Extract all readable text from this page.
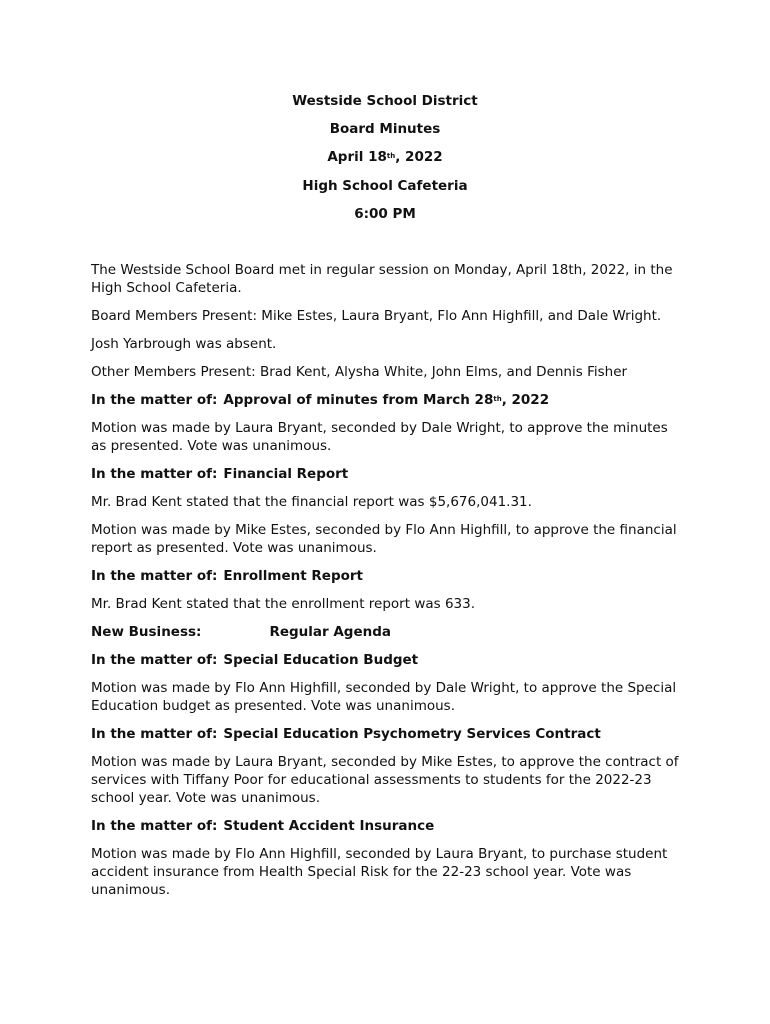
Westside School District
Board Minutes
April 18th, 2022
High School Cafeteria
6:00 PM

The Westside School Board met in regular session on Monday, April 18th, 2022, in the High School Cafeteria.

Board Members Present: Mike Estes, Laura Bryant, Flo Ann Highfill, and Dale Wright.

Josh Yarbrough was absent.

Other Members Present: Brad Kent, Alysha White, John Elms, and Dennis Fisher

In the matter of: Approval of minutes from March 28th, 2022

Motion was made by Laura Bryant, seconded by Dale Wright, to approve the minutes as presented. Vote was unanimous.

In the matter of: Financial Report

Mr. Brad Kent stated that the financial report was $5,676,041.31.

Motion was made by Mike Estes, seconded by Flo Ann Highfill, to approve the financial report as presented. Vote was unanimous.

In the matter of: Enrollment Report

Mr. Brad Kent stated that the enrollment report was 633.

New Business:	Regular Agenda

In the matter of: Special Education Budget

Motion was made by Flo Ann Highfill, seconded by Dale Wright, to approve the Special Education budget as presented. Vote was unanimous.

In the matter of: Special Education Psychometry Services Contract

Motion was made by Laura Bryant, seconded by Mike Estes, to approve the contract of services with Tiffany Poor for educational assessments to students for the 2022-23 school year. Vote was unanimous.

In the matter of: Student Accident Insurance

Motion was made by Flo Ann Highfill, seconded by Laura Bryant, to purchase student accident insurance from Health Special Risk for the 22-23 school year. Vote was unanimous.
